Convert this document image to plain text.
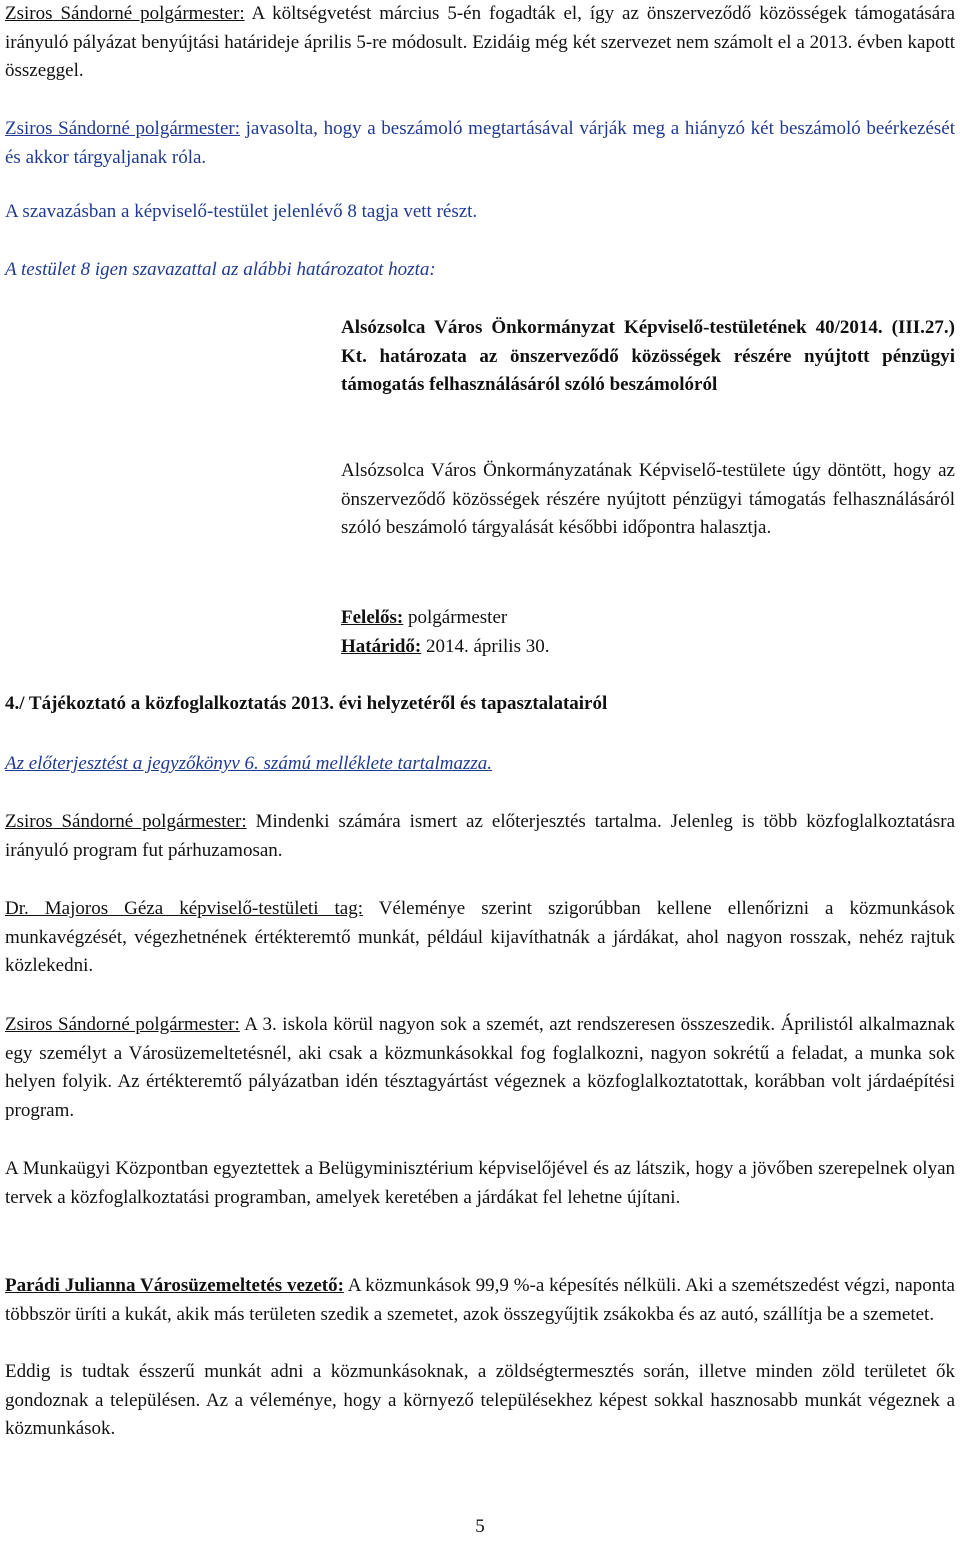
Zsiros Sándorné polgármester: A költségvetést március 5-én fogadták el, így az önszerveződő közösségek támogatására irányuló pályázat benyújtási határideje április 5-re módosult. Ezidáig még két szervezet nem számolt el a 2013. évben kapott összeggel.

Zsiros Sándorné polgármester: javasolta, hogy a beszámoló megtartásával várják meg a hiányzó két beszámoló beérkezését és akkor tárgyaljanak róla.

A szavazásban a képviselő-testület jelenlévő 8 tagja vett részt.

A testület 8 igen szavazattal az alábbi határozatot hozta:

Alsózsolca Város Önkormányzat Képviselő-testületének 40/2014. (III.27.) Kt. határozata az önszerveződő közösségek részére nyújtott pénzügyi támogatás felhasználásáról szóló beszámolóról

Alsózsolca Város Önkormányzatának Képviselő-testülete úgy döntött, hogy az önszerveződő közösségek részére nyújtott pénzügyi támogatás felhasználásáról szóló beszámoló tárgyalását későbbi időpontra halasztja.

Felelős: polgármester

Határidő: 2014. április 30.

4./ Tájékoztató a közfoglalkoztatás 2013. évi helyzetéről és tapasztalatairól

Az előterjesztést a jegyzőkönyv 6. számú melléklete tartalmazza.

Zsiros Sándorné polgármester: Mindenki számára ismert az előterjesztés tartalma. Jelenleg is több közfoglalkoztatásra irányuló program fut párhuzamosan.

Dr. Majoros Géza képviselő-testületi tag: Véleménye szerint szigorúbban kellene ellenőrizni a közmunkások munkavégzését, végezhetnének értékteremtő munkát, például kijavíthatnák a járdákat, ahol nagyon rosszak, nehéz rajtuk közlekedni.

Zsiros Sándorné polgármester: A 3. iskola körül nagyon sok a szemét, azt rendszeresen összeszedik. Áprilistól alkalmaznak egy személyt a Városüzemeltetésnél, aki csak a közmunkásokkal fog foglalkozni, nagyon sokrétű a feladat, a munka sok helyen folyik. Az értékteremtő pályázatban idén tésztagyártást végeznek a közfoglalkoztatottak, korábban volt járdaépítési program.

A Munkaügyi Központban egyeztettek a Belügyminisztérium képviselőjével és az látszik, hogy a jövőben szerepelnek olyan tervek a közfoglalkoztatási programban, amelyek keretében a járdákat fel lehetne újítani.

Parádi Julianna Városüzemeltetés vezető: A közmunkások 99,9 %-a képesítés nélküli. Aki a szemétszedést végzi, naponta többször üríti a kukát, akik más területen szedik a szemetet, azok összegyűjtik zsákokba és az autó, szállítja be a szemetet.

Eddig is tudtak ésszerű munkát adni a közmunkásoknak, a zöldségtermesztés során, illetve minden zöld területet ők gondoznak a településen. Az a véleménye, hogy a környező településekhez képest sokkal hasznosabb munkát végeznek a közmunkások.

5
